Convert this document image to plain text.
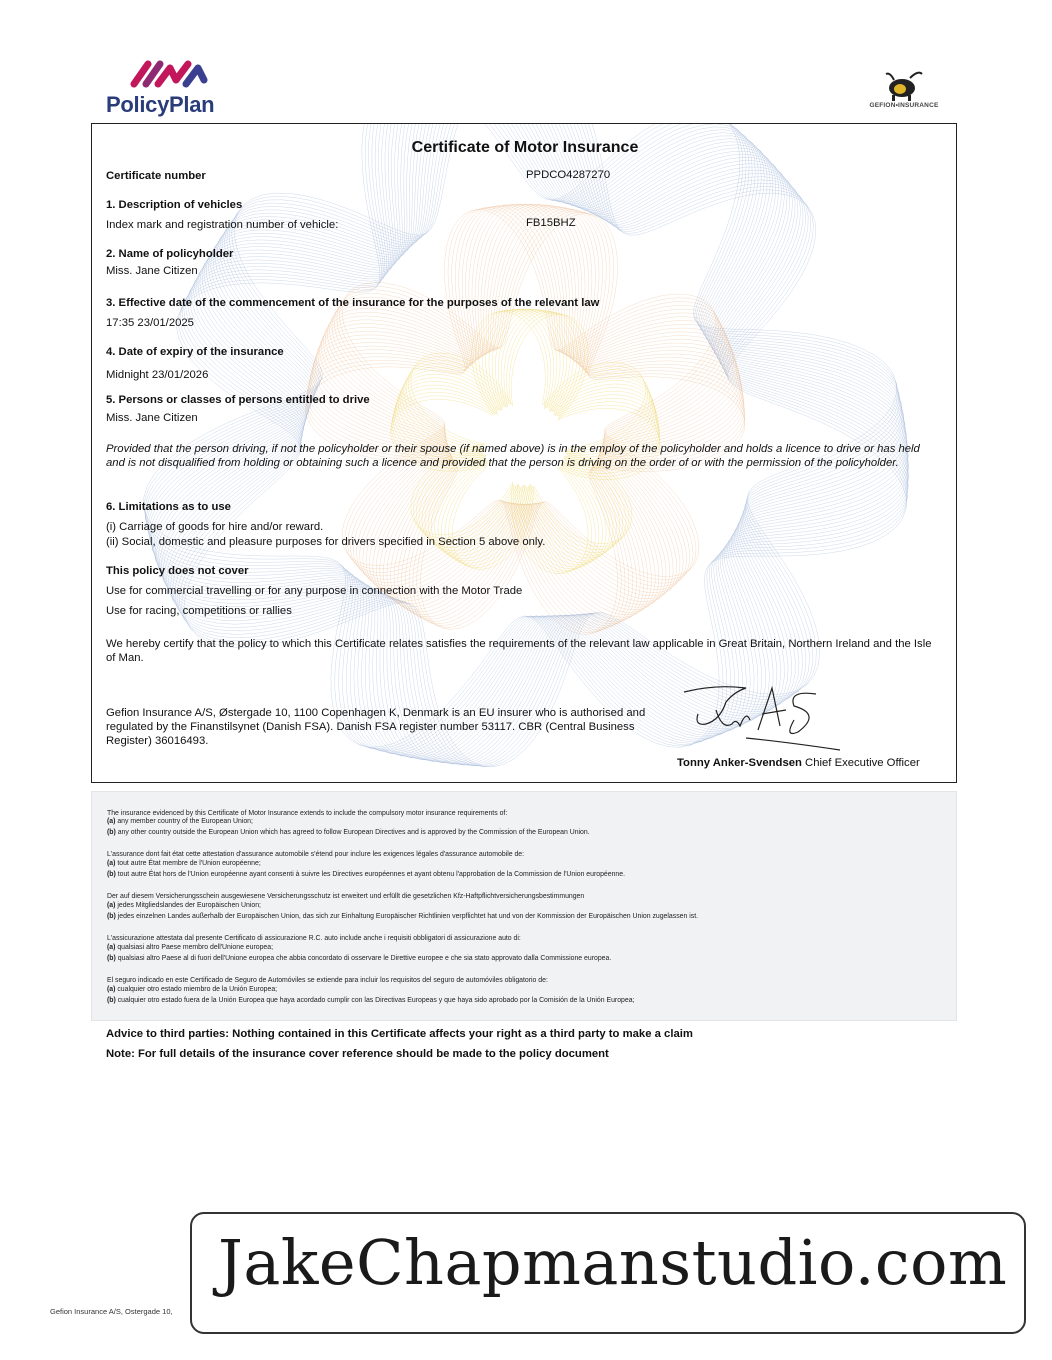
PolicyPlan	GEFION•INSURANCE
Certificate of Motor Insurance
Certificate number	PPDCO4287270
1. Description of vehicles
Index mark and registration number of vehicle:	FB15BHZ
2. Name of policyholder
Miss. Jane Citizen
3. Effective date of the commencement of the insurance for the purposes of the relevant law
17:35 23/01/2025
4. Date of expiry of the insurance
Midnight 23/01/2026
5. Persons or classes of persons entitled to drive
Miss. Jane Citizen
Provided that the person driving, if not the policyholder or their spouse (if named above) is in the employ of the policyholder and holds a licence to drive or has held and is not disqualified from holding or obtaining such a licence and provided that the person is driving on the order of or with the permission of the policyholder.
6. Limitations as to use
(i) Carriage of goods for hire and/or reward.
(ii) Social, domestic and pleasure purposes for drivers specified in Section 5 above only.
This policy does not cover
Use for commercial travelling or for any purpose in connection with the Motor Trade
Use for racing, competitions or rallies
We hereby certify that the policy to which this Certificate relates satisfies the requirements of the relevant law applicable in Great Britain, Northern Ireland and the Isle of Man.
Gefion Insurance A/S, Østergade 10, 1100 Copenhagen K, Denmark is an EU insurer who is authorised and regulated by the Finanstilsynet (Danish FSA). Danish FSA register number 53117. CBR (Central Business Register) 36016493.
Tonny Anker-Svendsen Chief Executive Officer
The insurance evidenced by this Certificate of Motor Insurance extends to include the compulsory motor insurance requirements of:
(a) any member country of the European Union;
(b) any other country outside the European Union which has agreed to follow European Directives and is approved by the Commission of the European Union.
L'assurance dont fait état cette attestation d'assurance automobile s'étend pour inclure les exigences légales d'assurance automobile de:
(a) tout autre État membre de l'Union européenne;
(b) tout autre État hors de l'Union européenne ayant consenti à suivre les Directives européennes et ayant obtenu l'approbation de la Commission de l'Union européenne.
Der auf diesem Versicherungsschein ausgewiesene Versicherungsschutz ist erweitert und erfüllt die gesetzlichen Kfz-Haftpflichtversicherungsbestimmungen
(a) jedes Mitgliedslandes der Europäischen Union;
(b) jedes einzelnen Landes außerhalb der Europäischen Union, das sich zur Einhaltung Europäischer Richtlinien verpflichtet hat und von der Kommission der Europäischen Union zugelassen ist.
L'assicurazione attestata dal presente Certificato di assicurazione R.C. auto include anche i requisiti obbligatori di assicurazione auto di:
(a) qualsiasi altro Paese membro dell'Unione europea;
(b) qualsiasi altro Paese al di fuori dell'Unione europea che abbia concordato di osservare le Direttive europee e che sia stato approvato dalla Commissione europea.
El seguro indicado en este Certificado de Seguro de Automóviles se extiende para incluir los requisitos del seguro de automóviles obligatorio de:
(a) cualquier otro estado miembro de la Unión Europea;
(b) cualquier otro estado fuera de la Unión Europea que haya acordado cumplir con las Directivas Europeas y que haya sido aprobado por la Comisión de la Unión Europea;
Advice to third parties: Nothing contained in this Certificate affects your right as a third party to make a claim
Note: For full details of the insurance cover reference should be made to the policy document
Gefion Insurance A/S, Ostergade 10,
JakeChapmanstudio.com
